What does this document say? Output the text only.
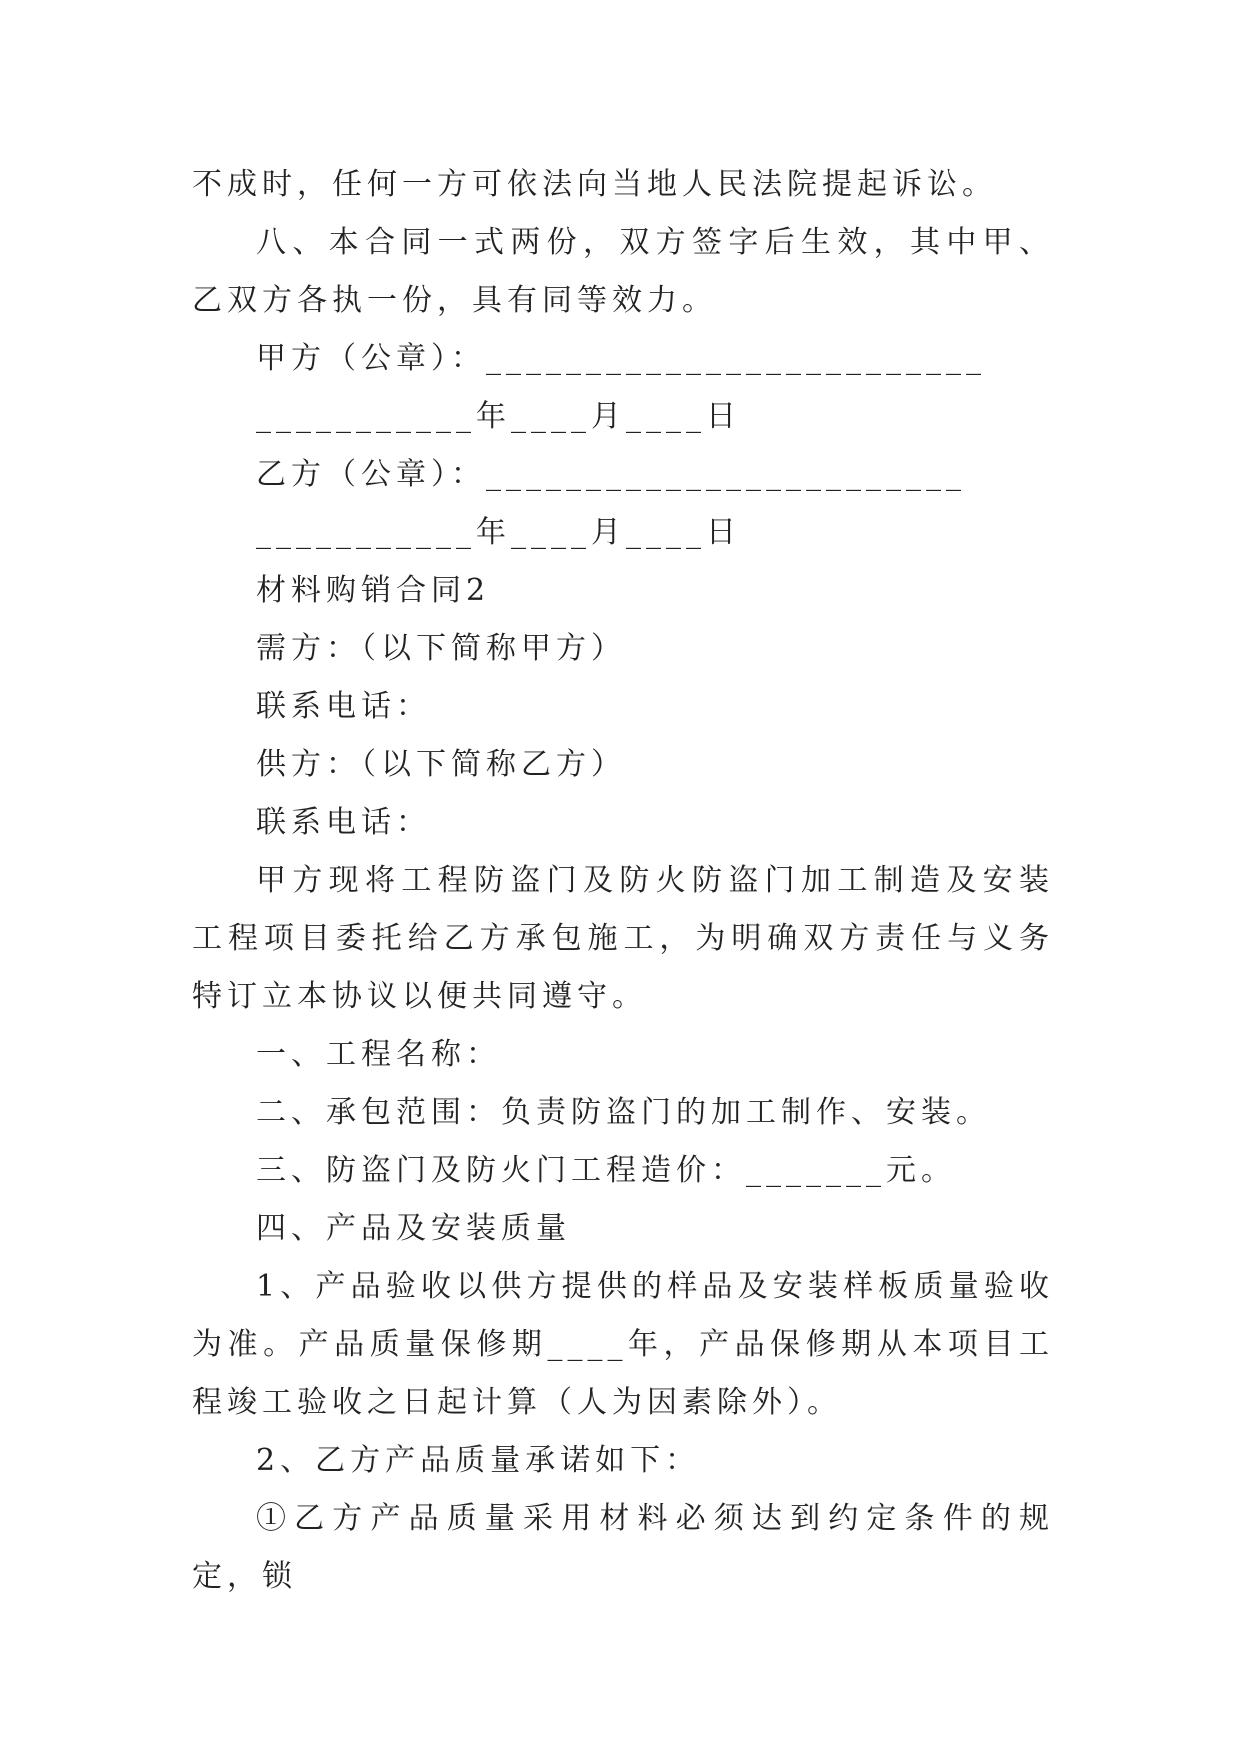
不成时，任何一方可依法向当地人民法院提起诉讼。

八、本合同一式两份，双方签字后生效，其中甲、乙双方各执一份，具有同等效力。

甲方（公章）：_________________________

___________年____月____日

乙方（公章）：________________________

___________年____月____日

材料购销合同2

需方：（以下简称甲方）

联系电话：

供方：（以下简称乙方）

联系电话：

甲方现将工程防盗门及防火防盗门加工制造及安装工程项目委托给乙方承包施工，为明确双方责任与义务特订立本协议以便共同遵守。

一、工程名称：

二、承包范围：负责防盗门的加工制作、安装。

三、防盗门及防火门工程造价：_______元。

四、产品及安装质量

1、产品验收以供方提供的样品及安装样板质量验收为准。产品质量保修期____年，产品保修期从本项目工程竣工验收之日起计算（人为因素除外）。

2、乙方产品质量承诺如下：

①乙方产品质量采用材料必须达到约定条件的规定，锁
